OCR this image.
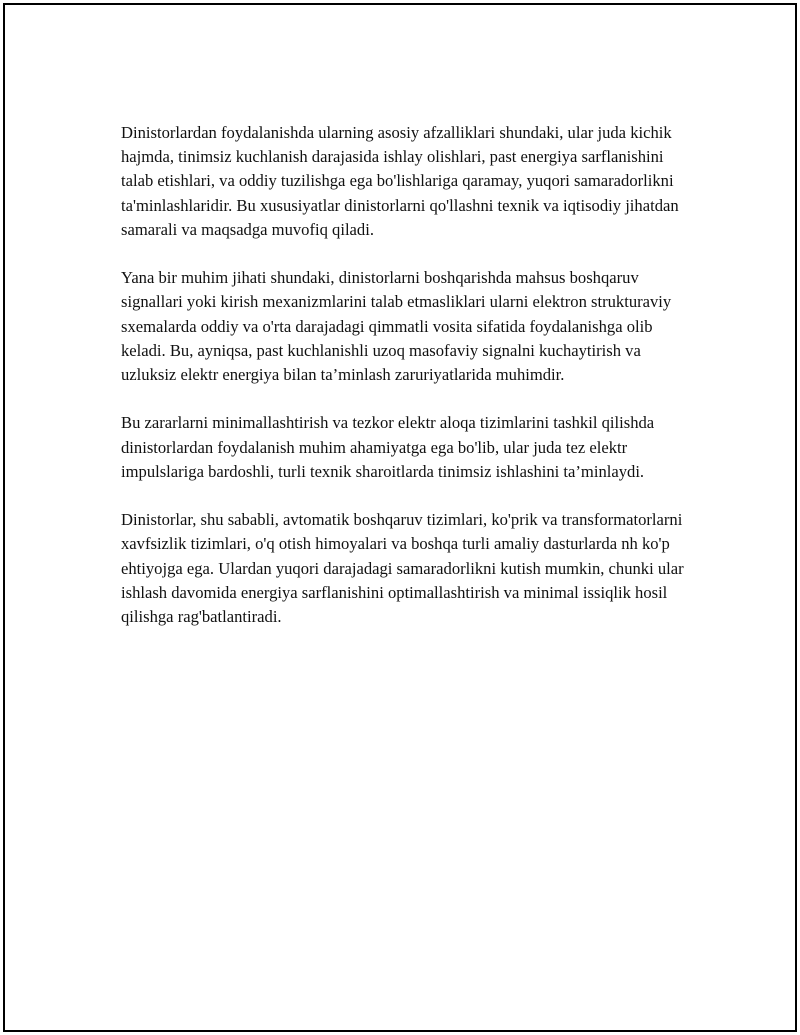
Dinistorlardan foydalanishda ularning asosiy afzalliklari shundaki, ular juda kichik hajmda, tinimsiz kuchlanish darajasida ishlay olishlari, past energiya sarflanishini talab etishlari, va oddiy tuzilishga ega bo'lishlariga qaramay, yuqori samaradorlikni ta'minlashlaridir. Bu xususiyatlar dinistorlarni qo'llashni texnik va iqtisodiy jihatdan samarali va maqsadga muvofiq qiladi.

Yana bir muhim jihati shundaki, dinistorlarni boshqarishda mahsus boshqaruv signallari yoki kirish mexanizmlarini talab etmasliklari ularni elektron strukturaviy sxemalarda oddiy va o'rta darajadagi qimmatli vosita sifatida foydalanishga olib keladi. Bu, ayniqsa, past kuchlanishli uzoq masofaviy signalni kuchaytirish va uzluksiz elektr energiya bilan ta’minlash zaruriyatlarida muhimdir.

Bu zararlarni minimallashtirish va tezkor elektr aloqa tizimlarini tashkil qilishda dinistorlardan foydalanish muhim ahamiyatga ega bo'lib, ular juda tez elektr impulslariga bardoshli, turli texnik sharoitlarda tinimsiz ishlashini ta’minlaydi.

Dinistorlar, shu sababli, avtomatik boshqaruv tizimlari, ko'prik va transformatorlarni xavfsizlik tizimlari, o'q otish himoyalari va boshqa turli amaliy dasturlarda nh ko'p ehtiyojga ega. Ulardan yuqori darajadagi samaradorlikni kutish mumkin, chunki ular ishlash davomida energiya sarflanishini optimallashtirish va minimal issiqlik hosil qilishga rag'batlantiradi.
